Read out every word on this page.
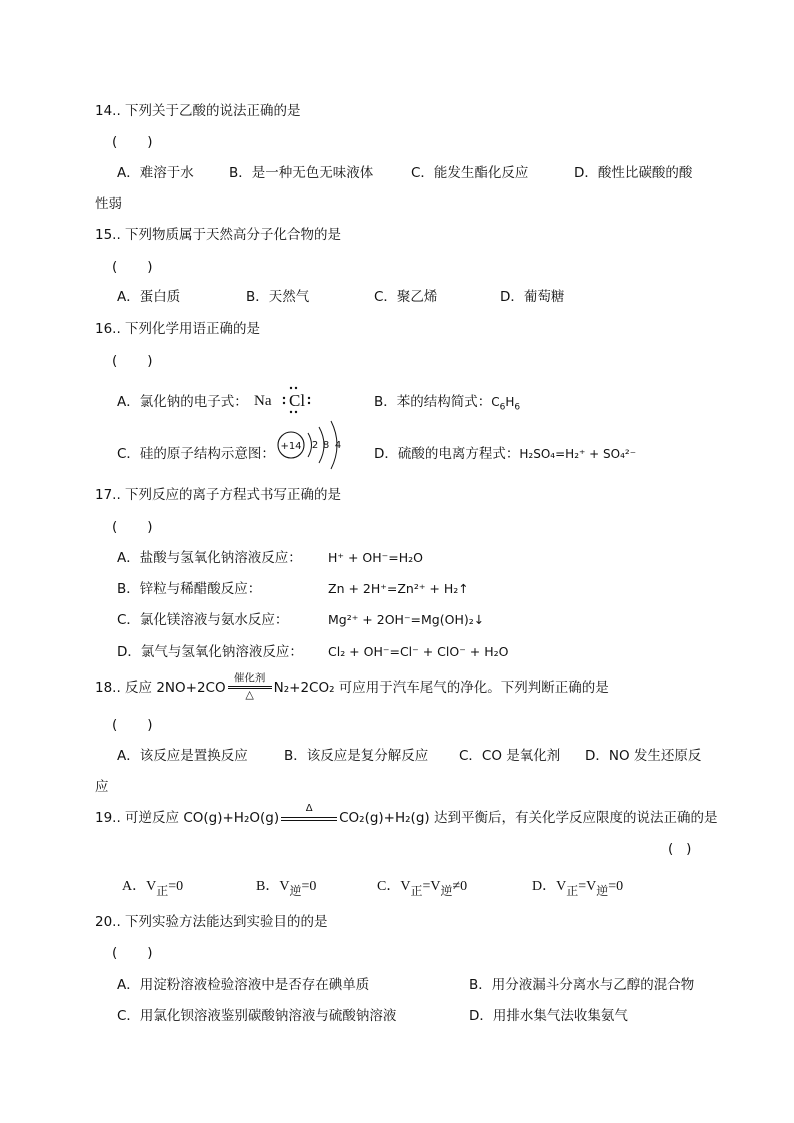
14.. 下列关于乙酸的说法正确的是
(       )
A．难溶于水	B．是一种无色无味液体	C．能发生酯化反应	D．酸性比碳酸的酸
性弱
15.. 下列物质属于天然高分子化合物的是
(       )
A．蛋白质	B．天然气	C．聚乙烯	D．葡萄糖
16.. 下列化学用语正确的是
(       )
A．氯化钠的电子式： Na Cl	B．苯的结构简式：$C_6H_6$
C．硅的原子结构示意图： +14 2 8 4
D．硫酸的电离方程式：H₂SO₄=H₂⁺ + SO₄²⁻
17.. 下列反应的离子方程式书写正确的是
(       )
A．盐酸与氢氧化钠溶液反应： H⁺ + OH⁻=H₂O
B．锌粒与稀醋酸反应：	Zn + 2H⁺=Zn²⁺ + H₂↑
C．氯化镁溶液与氨水反应：	Mg²⁺ + 2OH⁻=Mg(OH)₂↓
D．氯气与氢氧化钠溶液反应： Cl₂ + OH⁻=Cl⁻ + ClO⁻ + H₂O
18.. 反应 2NO+2CO
催化剂
△	N₂+2CO₂ 可应用于汽车尾气的净化。下列判断正确的是
(       )
A．该反应是置换反应	B．该反应是复分解反应 C．CO 是氧化剂 D．NO 发生还原反
应
19.. 可逆反应 CO(g)+H₂O(g)
Δ
CO₂(g)+H₂(g) 达到平衡后，有关化学反应限度的说法正确的是
(   )
A．V正=0	B．V逆=0	C．V正=V逆≠0	D．V正=V逆=0
20.. 下列实验方法能达到实验目的的是
(       )
A．用淀粉溶液检验溶液中是否存在碘单质	B．用分液漏斗分离水与乙醇的混合物
C．用氯化钡溶液鉴别碳酸钠溶液与硫酸钠溶液	D．用排水集气法收集氨气
